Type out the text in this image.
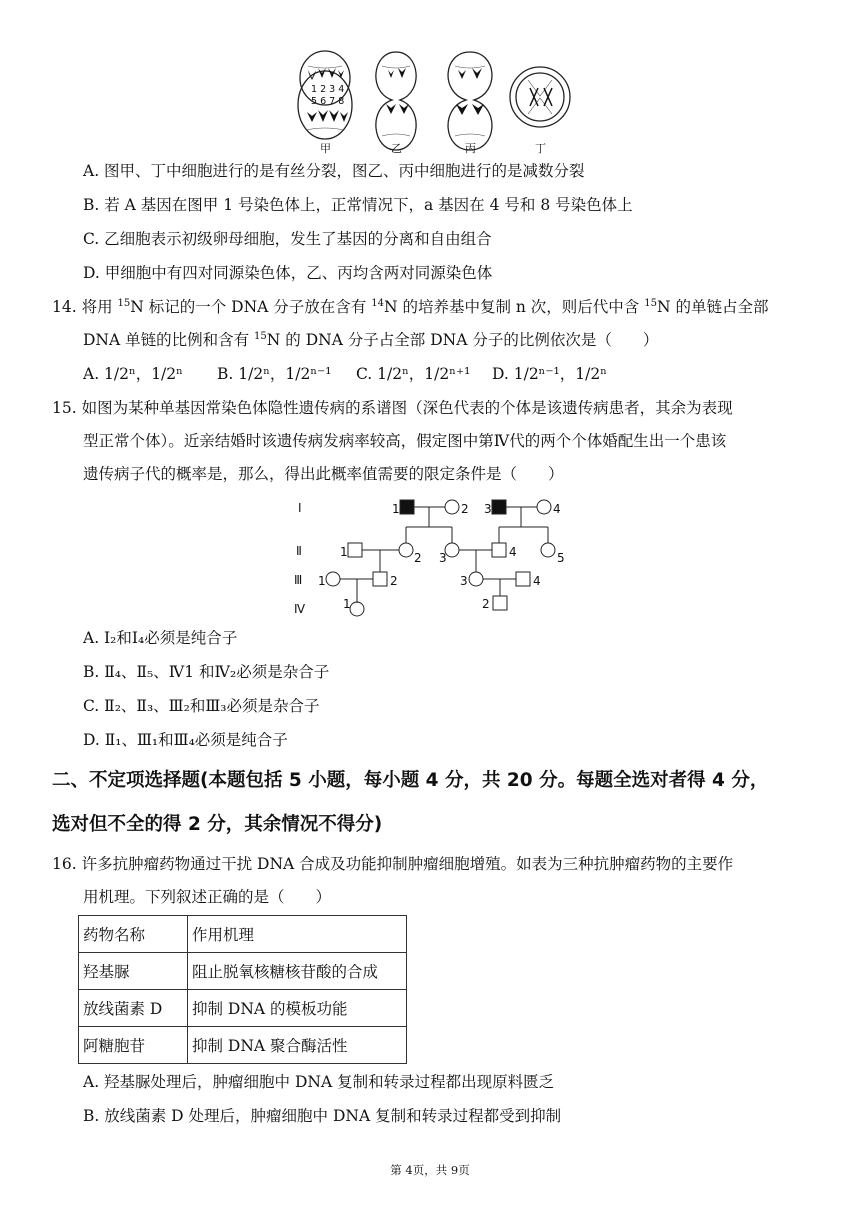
1 2 3 4
5 6 7 8
甲	乙	丙	丁
A. 图甲、丁中细胞进行的是有丝分裂，图乙、丙中细胞进行的是减数分裂
B. 若 A 基因在图甲 1 号染色体上，正常情况下，a 基因在 4 号和 8 号染色体上
C. 乙细胞表示初级卵母细胞，发生了基因的分离和自由组合
D. 甲细胞中有四对同源染色体，乙、丙均含两对同源染色体
14. 将用 $^{15}$N 标记的一个 DNA 分子放在含有 $^{14}$N 的培养基中复制 n 次，则后代中含 $^{15}$N 的单链占全部
DNA 单链的比例和含有 $^{15}$N 的 DNA 分子占全部 DNA 分子的比例依次是（　　）
A. 1/2ⁿ，1/2ⁿ B. 1/2ⁿ，1/2ⁿ⁻¹ C. 1/2ⁿ，1/2ⁿ⁺¹ D. 1/2ⁿ⁻¹，1/2ⁿ
15. 如图为某种单基因常染色体隐性遗传病的系谱图（深色代表的个体是该遗传病患者，其余为表现
型正常个体）。近亲结婚时该遗传病发病率较高，假定图中第Ⅳ代的两个个体婚配生出一个患该
遗传病子代的概率是，那么，得出此概率值需要的限定条件是（　　）
Ⅰ
Ⅱ
Ⅲ
Ⅳ
1	2 3	4
1	2 3	4	5
1	2	3	4
1	2
A. Ⅰ₂和Ⅰ₄必须是纯合子
B. Ⅱ₄、Ⅱ₅、Ⅳ1 和Ⅳ₂必须是杂合子
C. Ⅱ₂、Ⅱ₃、Ⅲ₂和Ⅲ₃必须是杂合子
D. Ⅱ₁、Ⅲ₁和Ⅲ₄必须是纯合子
二、不定项选择题(本题包括 5 小题，每小题 4 分，共 20 分。每题全选对者得 4 分，
选对但不全的得 2 分，其余情况不得分)
16. 许多抗肿瘤药物通过干扰 DNA 合成及功能抑制肿瘤细胞增殖。如表为三种抗肿瘤药物的主要作
用机理。下列叙述正确的是（　　）
药物名称	作用机理
羟基脲	阻止脱氧核糖核苷酸的合成
放线菌素 D	抑制 DNA 的模板功能
阿糖胞苷	抑制 DNA 聚合酶活性
A. 羟基脲处理后，肿瘤细胞中 DNA 复制和转录过程都出现原料匮乏
B. 放线菌素 D 处理后，肿瘤细胞中 DNA 复制和转录过程都受到抑制
第 4页，共 9页
